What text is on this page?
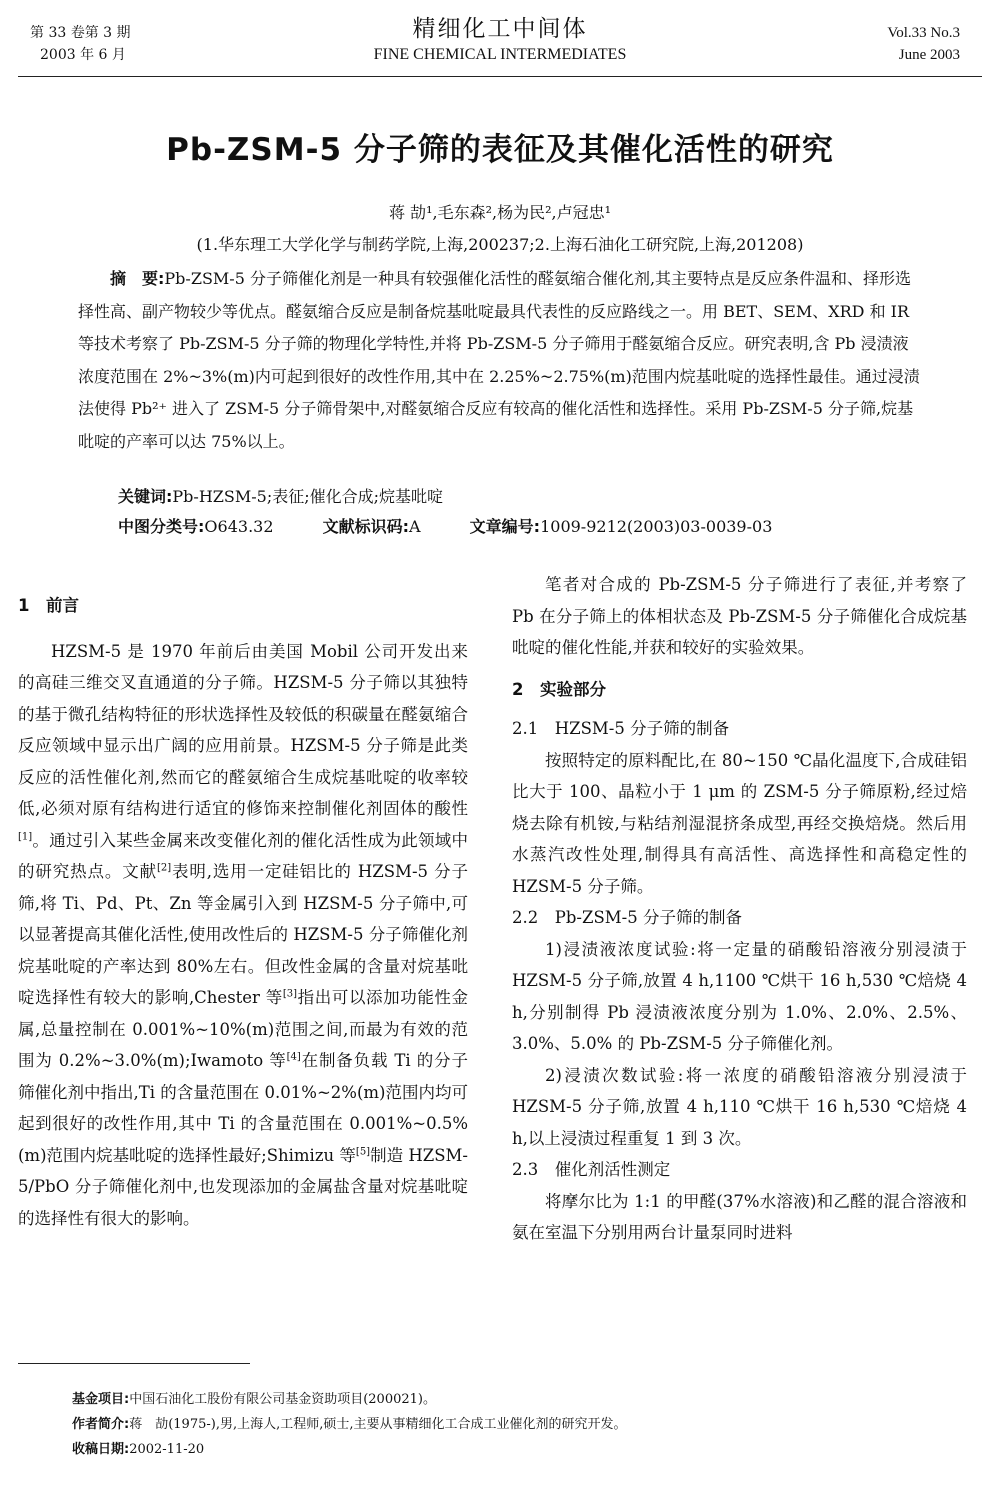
第 33 卷第 3 期
2003 年 6 月
精细化工中间体
FINE CHEMICAL INTERMEDIATES
Vol.33 No.3
June 2003
Pb-ZSM-5 分子筛的表征及其催化活性的研究
蒋 劼¹,毛东森²,杨为民²,卢冠忠¹
(1.华东理工大学化学与制药学院,上海,200237;2.上海石油化工研究院,上海,201208)
摘　要:Pb-ZSM-5 分子筛催化剂是一种具有较强催化活性的醛氨缩合催化剂,其主要特点是反应条件温和、择形选择性高、副产物较少等优点。醛氨缩合反应是制备烷基吡啶最具代表性的反应路线之一。用 BET、SEM、XRD 和 IR 等技术考察了 Pb-ZSM-5 分子筛的物理化学特性,并将 Pb-ZSM-5 分子筛用于醛氨缩合反应。研究表明,含 Pb 浸渍液浓度范围在 2%~3%(m)内可起到很好的改性作用,其中在 2.25%~2.75%(m)范围内烷基吡啶的选择性最佳。通过浸渍法使得 Pb²⁺ 进入了 ZSM-5 分子筛骨架中,对醛氨缩合反应有较高的催化活性和选择性。采用 Pb-ZSM-5 分子筛,烷基吡啶的产率可以达 75%以上。
关键词:Pb-HZSM-5;表征;催化合成;烷基吡啶
中图分类号:O643.32	文献标识码:A	文章编号:1009-9212(2003)03-0039-03

1　前言

HZSM-5 是 1970 年前后由美国 Mobil 公司开发出来的高硅三维交叉直通道的分子筛。HZSM-5 分子筛以其独特的基于微孔结构特征的形状选择性及较低的积碳量在醛氨缩合反应领域中显示出广阔的应用前景。HZSM-5 分子筛是此类反应的活性催化剂,然而它的醛氨缩合生成烷基吡啶的收率较低,必须对原有结构进行适宜的修饰来控制催化剂固体的酸性[1]。通过引入某些金属来改变催化剂的催化活性成为此领域中的研究热点。文献[2]表明,选用一定硅铝比的 HZSM-5 分子筛,将 Ti、Pd、Pt、Zn 等金属引入到 HZSM-5 分子筛中,可以显著提高其催化活性,使用改性后的 HZSM-5 分子筛催化剂烷基吡啶的产率达到 80%左右。但改性金属的含量对烷基吡啶选择性有较大的影响,Chester 等[3]指出可以添加功能性金属,总量控制在 0.001%~10%(m)范围之间,而最为有效的范围为 0.2%~3.0%(m);Iwamoto 等[4]在制备负载 Ti 的分子筛催化剂中指出,Ti 的含量范围在 0.01%~2%(m)范围内均可起到很好的改性作用,其中 Ti 的含量范围在 0.001%~0.5%(m)范围内烷基吡啶的选择性最好;Shimizu 等[5]制造 HZSM-5/PbO 分子筛催化剂中,也发现添加的金属盐含量对烷基吡啶的选择性有很大的影响。

笔者对合成的 Pb-ZSM-5 分子筛进行了表征,并考察了 Pb 在分子筛上的体相状态及 Pb-ZSM-5 分子筛催化合成烷基吡啶的催化性能,并获和较好的实验效果。

2　实验部分

2.1　HZSM-5 分子筛的制备

按照特定的原料配比,在 80~150 ℃晶化温度下,合成硅铝比大于 100、晶粒小于 1 μm 的 ZSM-5 分子筛原粉,经过焙烧去除有机铵,与粘结剂湿混挤条成型,再经交换焙烧。然后用水蒸汽改性处理,制得具有高活性、高选择性和高稳定性的 HZSM-5 分子筛。

2.2　Pb-ZSM-5 分子筛的制备

1)浸渍液浓度试验:将一定量的硝酸铅溶液分别浸渍于 HZSM-5 分子筛,放置 4 h,1100 ℃烘干 16 h,530 ℃焙烧 4 h,分别制得 Pb 浸渍液浓度分别为 1.0%、2.0%、2.5%、3.0%、5.0% 的 Pb-ZSM-5 分子筛催化剂。

2)浸渍次数试验:将一浓度的硝酸铅溶液分别浸渍于 HZSM-5 分子筛,放置 4 h,110 ℃烘干 16 h,530 ℃焙烧 4 h,以上浸渍过程重复 1 到 3 次。

2.3　催化剂活性测定

将摩尔比为 1:1 的甲醛(37%水溶液)和乙醛的混合溶液和氨在室温下分别用两台计量泵同时进料

基金项目:中国石油化工股份有限公司基金资助项目(200021)。
作者简介:蒋　劼(1975-),男,上海人,工程师,硕士,主要从事精细化工合成工业催化剂的研究开发。
收稿日期:2002-11-20
